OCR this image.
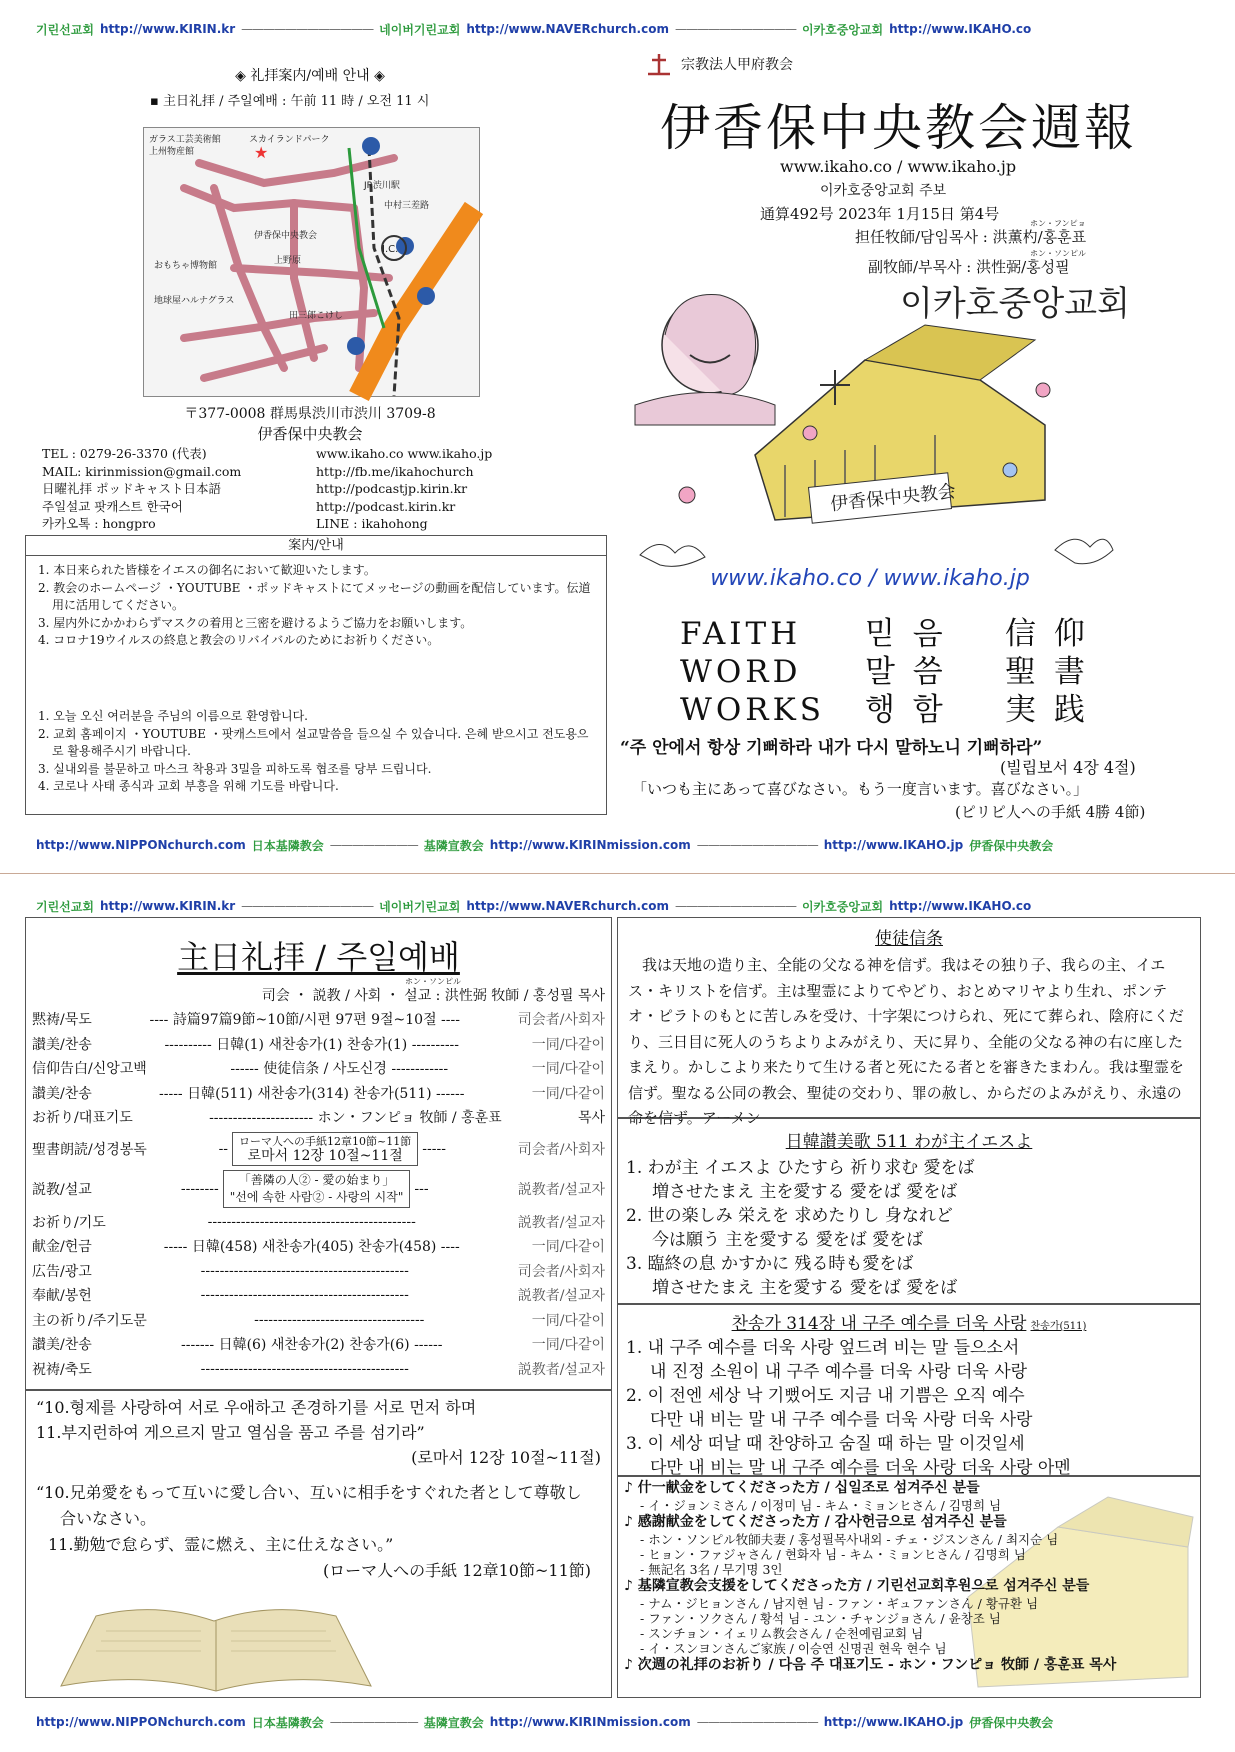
기린선교회 http://www.KIRIN.kr ———————————— 네이버기린교회 http://www.NAVERchurch.com ——————————— 이카호중앙교회 http://www.IKAHO.co
◈ 礼拝案内/예배 안내 ◈
▪ 主日礼拝 / 주일예배 : 午前 11 時 / 오전 11 시
★
ガラス工芸美術館
上州物産館
スカイランドパーク
伊香保中央教会
おもちゃ博物館
中村三差路
I.C.
地球屋ハルナグラス
田三郎こけし
上野原
JR渋川駅
〒377-0008 群馬県渋川市渋川 3709-8
伊香保中央教会
TEL : 0279-26-3370 (代表)
MAIL: kirinmission@gmail.com
日曜礼拝 ポッドキャスト日本語
주일설교 팟캐스트 한국어
카카오톡 : hongpro
www.ikaho.co www.ikaho.jp
http://fb.me/ikahochurch
http://podcastjp.kirin.kr
http://podcast.kirin.kr
LINE : ikahohong
案内/안내
1. 本日来られた皆様をイエスの御名において歓迎いたします。
2. 教会のホームページ ・YOUTUBE ・ポッドキャストにてメッセージの動画を配信しています。伝道用に活用してください。
3. 屋内外にかかわらずマスクの着用と三密を避けるようご協力をお願いします。
4. コロナ19ウイルスの終息と教会のリバイバルのためにお祈りください。
1. 오늘 오신 여러분을 주님의 이름으로 환영합니다.
2. 교회 홈페이지 ・YOUTUBE ・팟캐스트에서 설교말씀을 들으실 수 있습니다. 은혜 받으시고 전도용으로 활용해주시기 바랍니다.
3. 실내외를 불문하고 마스크 착용과 3밀을 피하도록 협조를 당부 드립니다.
4. 코로나 사태 종식과 교회 부흥을 위해 기도를 바랍니다.
宗教法人甲府教会
伊香保中央教会週報
www.ikaho.co / www.ikaho.jp
이카호중앙교회 주보
通算492号 2023年 1月15日 第4号
ホン・フンピョ
担任牧師/담임목사 : 洪薫杓/홍훈표
ホン・ソンピル
副牧師/부목사 : 洪性弼/홍성필
이카호중앙교회
伊香保中央教会
www.ikaho.co / www.ikaho.jp
FAITH	믿 음	信 仰
WORD	말 씀	聖 書
WORKS	행 함	実 践
“주 안에서 항상 기뻐하라 내가 다시 말하노니 기뻐하라”
(빌립보서 4장 4절)
「いつも主にあって喜びなさい。もう一度言います。喜びなさい。」
(ピリピ人への手紙 4勝 4節)
http://www.NIPPONchurch.com 日本基隣教会 ———————— 基隣宣教会 http://www.KIRINmission.com ——————————— http://www.IKAHO.jp 伊香保中央教会
기린선교회 http://www.KIRIN.kr ———————————— 네이버기린교회 http://www.NAVERchurch.com ——————————— 이카호중앙교회 http://www.IKAHO.co
主日礼拝 / 주일예배
ホン・ソンピル
司会 ・ 説教 / 사회 ・ 설교 : 洪性弼 牧師 / 홍성필 목사
黙祷/묵도	---- 詩篇97篇9節~10節/시편 97편 9절~10절 ----	司会者/사회자
讃美/찬송	---------- 日韓(1) 새찬송가(1) 찬송가(1) ----------	一同/다같이
信仰告白/신앙고백	------ 使徒信条 / 사도신경 ------------	一同/다같이
讃美/찬송	----- 日韓(511) 새찬송가(314) 찬송가(511) ------	一同/다같이
お祈り/대표기도	---------------------- ホン・フンピョ 牧師 / 홍훈표	목사
聖書朗読/성경봉독	-- ローマ人への手紙12章10節~11節
로마서 12장 10절~11절	-----	司会者/사회자
説教/설교	--------
「善隣の人② - 愛の始まり」
"선에 속한 사람② - 사랑의 시작" ---	説教者/설교자
お祈り/기도	--------------------------------------------	説教者/설교자
献金/헌금	----- 日韓(458) 새찬송가(405) 찬송가(458) ----	一同/다같이
広告/광고	--------------------------------------------	司会者/사회자
奉献/봉헌	--------------------------------------------	説教者/설교자
主の祈り/주기도문	------------------------------------	一同/다같이
讃美/찬송	------- 日韓(6) 새찬송가(2) 찬송가(6) ------	一同/다같이
祝祷/축도	--------------------------------------------	説教者/설교자
“10.형제를 사랑하여 서로 우애하고 존경하기를 서로 먼저 하며
11.부지런하여 게으르지 말고 열심을 품고 주를 섬기라”
(로마서 12장 10절~11절)
“10.兄弟愛をもって互いに愛し合い、互いに相手をすぐれた者として尊敬し
合いなさい。
11.勤勉で怠らず、霊に燃え、主に仕えなさい。”
(ローマ人への手紙 12章10節~11節)
使徒信条
我は天地の造り主、全能の父なる神を信ず。我はその独り子、我らの主、イエス・キリストを信ず。主は聖霊によりてやどり、おとめマリヤより生れ、ポンテオ・ピラトのもとに苦しみを受け、十字架につけられ、死にて葬られ、陰府にくだり、三日目に死人のうちよりよみがえり、天に昇り、全能の父なる神の右に座したまえり。かしこより来たりて生ける者と死にたる者とを審きたまわん。我は聖霊を信ず。聖なる公同の教会、聖徒の交わり、罪の赦し、からだのよみがえり、永遠の命を信ず。アーメン
日韓讃美歌 511 わが主イエスよ
1. わが主 イエスよ ひたすら 祈り求む 愛をば
増させたまえ 主を愛する 愛をば 愛をば
2. 世の楽しみ 栄えを 求めたりし 身なれど
今は願う 主を愛する 愛をば 愛をば
3. 臨終の息 かすかに 残る時も愛をば
増させたまえ 主を愛する 愛をば 愛をば
찬송가 314장 내 구주 예수를 더욱 사랑 찬송가(511)
1. 내 구주 예수를 더욱 사랑 엎드려 비는 말 들으소서
내 진정 소원이 내 구주 예수를 더욱 사랑 더욱 사랑
2. 이 전엔 세상 낙 기뻤어도 지금 내 기쁨은 오직 예수
다만 내 비는 말 내 구주 예수를 더욱 사랑 더욱 사랑
3. 이 세상 떠날 때 찬양하고 숨질 때 하는 말 이것일세
다만 내 비는 말 내 구주 예수를 더욱 사랑 더욱 사랑 아멘
♪ 什一献金をしてくださった方 / 십일조로 섬겨주신 분들
- イ・ジョンミさん / 이정미 님 - キム・ミョンヒさん / 김명희 님
♪ 感謝献金をしてくださった方 / 감사헌금으로 섬겨주신 분들
- ホン・ソンピル牧師夫妻 / 홍성필목사내외 - チェ・ジスンさん / 최지순 님
- ヒョン・ファジャさん / 현화자 님 - キム・ミョンヒさん / 김명희 님
- 無記名 3名 / 무기명 3인
♪ 基隣宣教会支援をしてくださった方 / 기린선교회후원으로 섬겨주신 분들
- ナム・ジヒョンさん / 남지현 님 - ファン・ギュファンさん / 황규환 님
- ファン・ソクさん / 황석 님 - ユン・チャンジョさん / 윤창조 님
- スンチョン・イェリム教会さん / 순천예림교회 님
- イ・スンヨンさんご家族 / 이승연 신명권 현욱 현수 님
♪ 次週の礼拝のお祈り / 다음 주 대표기도 - ホン・フンピョ 牧師 / 홍훈표 목사
http://www.NIPPONchurch.com 日本基隣教会 ———————— 基隣宣教会 http://www.KIRINmission.com ——————————— http://www.IKAHO.jp 伊香保中央教会
